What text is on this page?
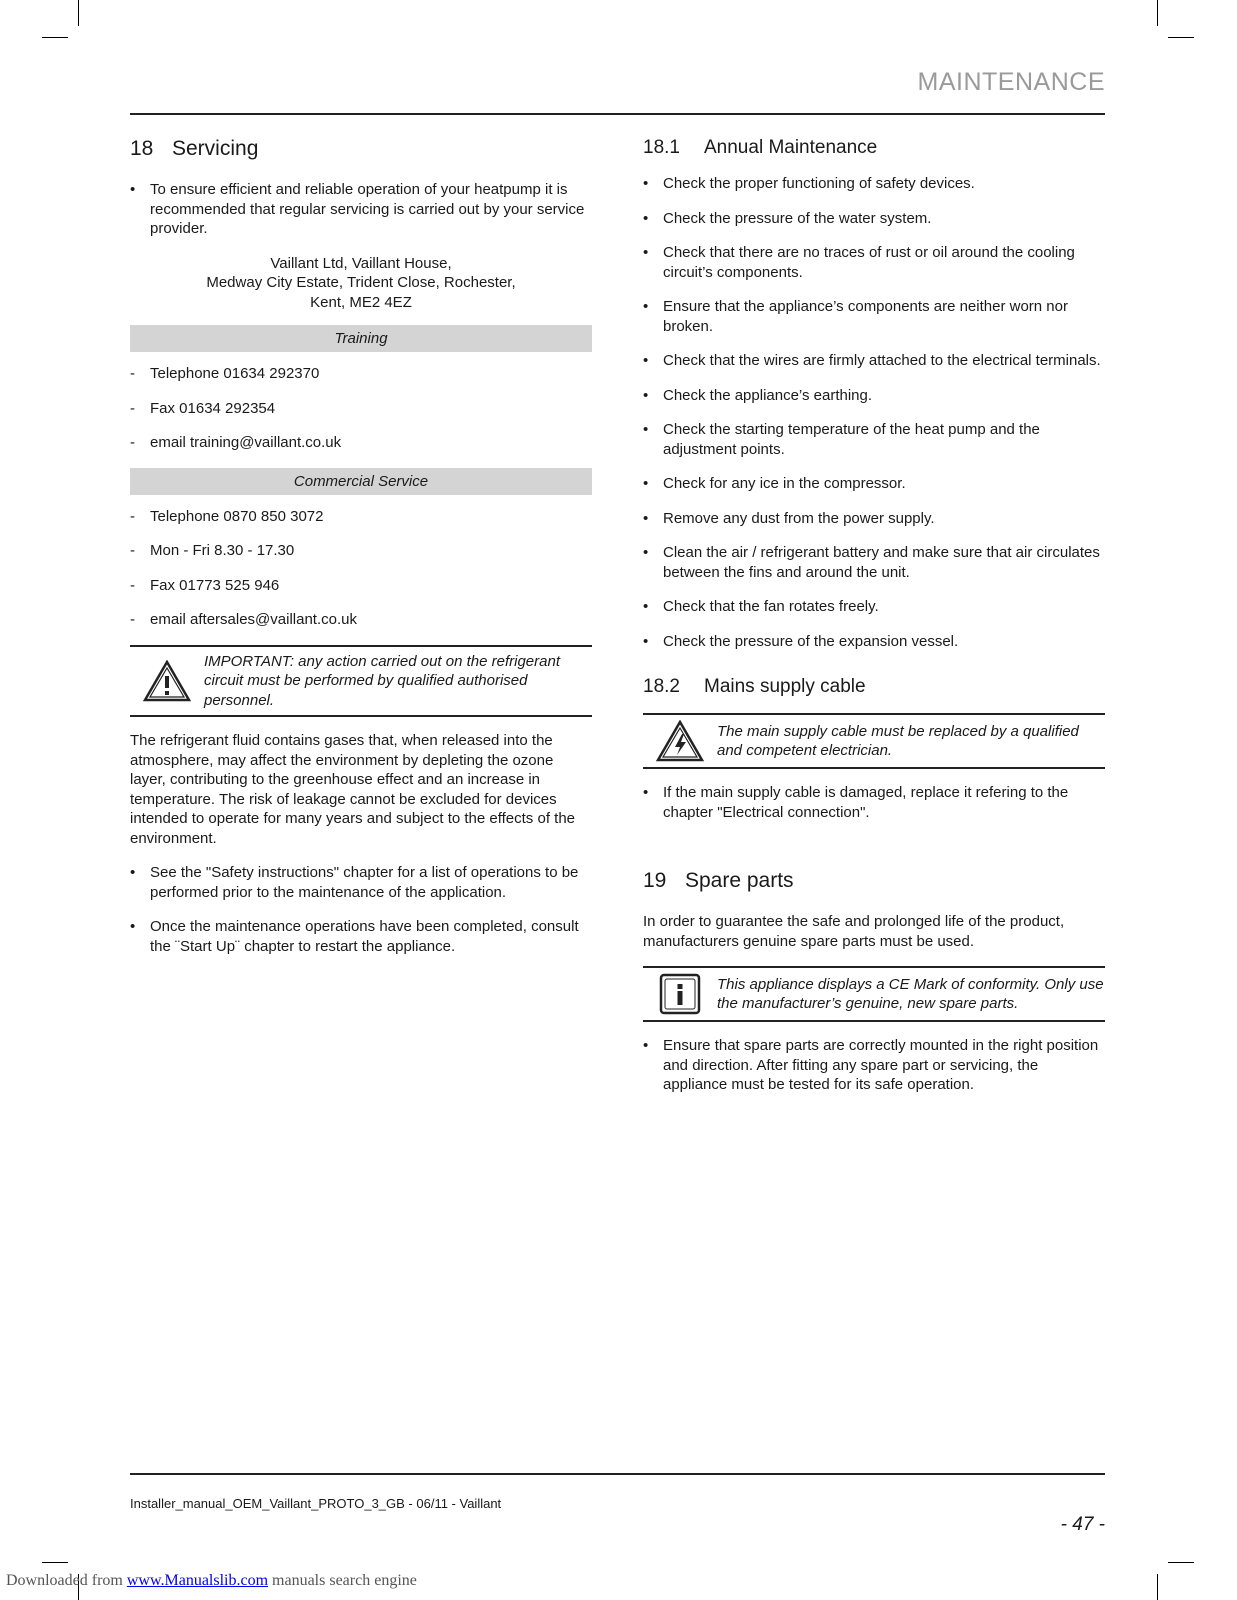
MAINTENANCE
18 Servicing
• To ensure efficient and reliable operation of your heatpump it is recommended that regular servicing is carried out by your service provider.
Vaillant Ltd, Vaillant House,
Medway City Estate, Trident Close, Rochester,
Kent, ME2 4EZ
Training
- Telephone 01634 292370
- Fax 01634 292354
- email training@vaillant.co.uk
Commercial Service
- Telephone 0870 850 3072
- Mon - Fri 8.30 - 17.30
- Fax 01773 525 946
- email aftersales@vaillant.co.uk
IMPORTANT: any action carried out on the refrigerant circuit must be performed by qualified authorised personnel.
The refrigerant fluid contains gases that, when released into the atmosphere, may affect the environment by depleting the ozone layer, contributing to the greenhouse effect and an increase in temperature. The risk of leakage cannot be excluded for devices intended to operate for many years and subject to the effects of the environment.
• See the "Safety instructions" chapter for a list of operations to be performed prior to the maintenance of the application.
• Once the maintenance operations have been completed, consult the ¨Start Up¨ chapter to restart the appliance.
18.1 Annual Maintenance
• Check the proper functioning of safety devices.
• Check the pressure of the water system.
• Check that there are no traces of rust or oil around the cooling circuit’s components.
• Ensure that the appliance’s components are neither worn nor broken.
• Check that the wires are firmly attached to the electrical terminals.
• Check the appliance’s earthing.
• Check the starting temperature of the heat pump and the adjustment points.
• Check for any ice in the compressor.
• Remove any dust from the power supply.
• Clean the air / refrigerant battery and make sure that air circulates between the fins and around the unit.
• Check that the fan rotates freely.
• Check the pressure of the expansion vessel.
18.2 Mains supply cable
The main supply cable must be replaced by a qualified and competent electrician.
• If the main supply cable is damaged, replace it refering to the chapter "Electrical connection".
19 Spare parts
In order to guarantee the safe and prolonged life of the product, manufacturers genuine spare parts must be used.
This appliance displays a CE Mark of conformity. Only use the manufacturer’s genuine, new spare parts.
• Ensure that spare parts are correctly mounted in the right position and direction. After fitting any spare part or servicing, the appliance must be tested for its safe operation.
Installer_manual_OEM_Vaillant_PROTO_3_GB - 06/11 - Vaillant
- 47 -
Downloaded from www.Manualslib.com manuals search engine
